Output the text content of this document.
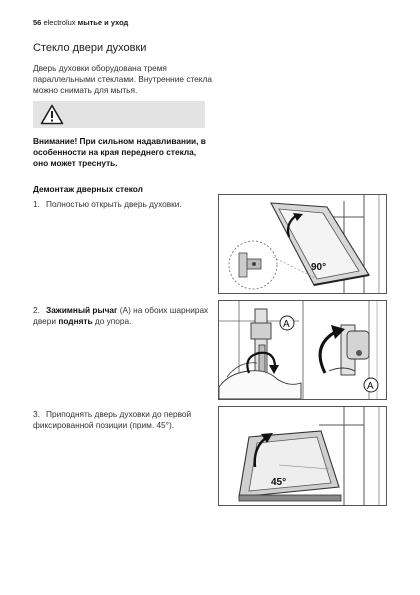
56 electrolux мытье и уход
Стекло двери духовки
Дверь духовки оборудована тремя параллельными стеклами. Внутренние стекла можно снимать для мытья.
Внимание! При сильном надавливании, в особенности на края переднего стекла, оно может треснуть.
Демонтаж дверных стекол
1. Полностью открыть дверь духовки.
2. Зажимный рычаг (A) на обоих шарнирах двери поднять до упора.
3. Приподнять дверь духовки до первой фиксированной позиции (прим. 45°).
90°
A
A
45°
